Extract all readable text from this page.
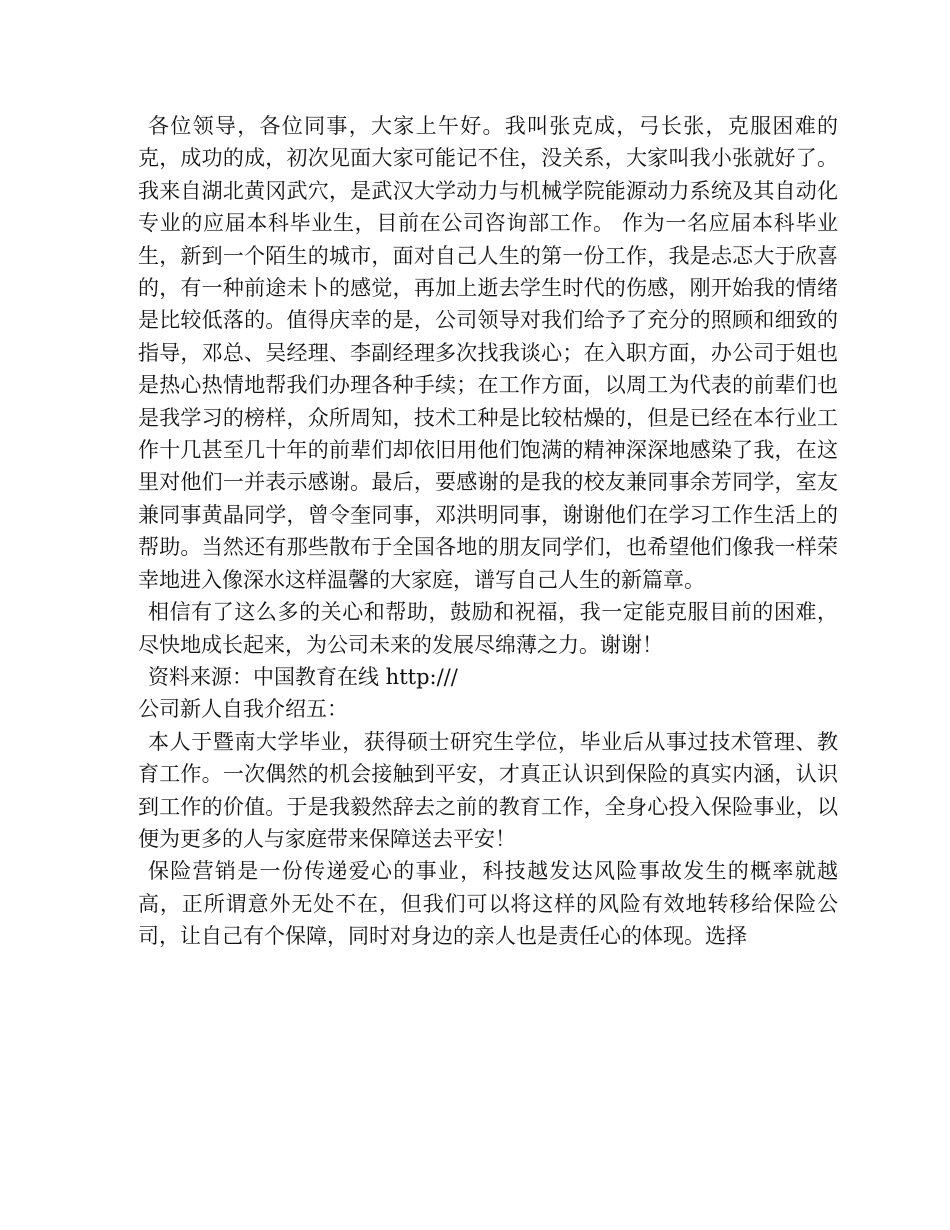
各位领导，各位同事，大家上午好。我叫张克成，弓长张，克服困难的克，成功的成，初次见面大家可能记不住，没关系，大家叫我小张就好了。我来自湖北黄冈武穴，是武汉大学动力与机械学院能源动力系统及其自动化专业的应届本科毕业生，目前在公司咨询部工作。 作为一名应届本科毕业生，新到一个陌生的城市，面对自己人生的第一份工作，我是忐忑大于欣喜的，有一种前途未卜的感觉，再加上逝去学生时代的伤感，刚开始我的情绪是比较低落的。值得庆幸的是，公司领导对我们给予了充分的照顾和细致的指导，邓总、吴经理、李副经理多次找我谈心；在入职方面，办公司于姐也是热心热情地帮我们办理各种手续；在工作方面，以周工为代表的前辈们也是我学习的榜样，众所周知，技术工种是比较枯燥的，但是已经在本行业工作十几甚至几十年的前辈们却依旧用他们饱满的精神深深地感染了我，在这里对他们一并表示感谢。最后，要感谢的是我的校友兼同事余芳同学，室友兼同事黄晶同学，曾令奎同事，邓洪明同事，谢谢他们在学习工作生活上的帮助。当然还有那些散布于全国各地的朋友同学们，也希望他们像我一样荣幸地进入像深水这样温馨的大家庭，谱写自己人生的新篇章。

相信有了这么多的关心和帮助，鼓励和祝福，我一定能克服目前的困难，尽快地成长起来，为公司未来的发展尽绵薄之力。谢谢！

资料来源：中国教育在线 http:///

公司新人自我介绍五：

本人于暨南大学毕业，获得硕士研究生学位，毕业后从事过技术管理、教育工作。一次偶然的机会接触到平安，才真正认识到保险的真实内涵，认识到工作的价值。于是我毅然辞去之前的教育工作，全身心投入保险事业，以便为更多的人与家庭带来保障送去平安！

保险营销是一份传递爱心的事业，科技越发达风险事故发生的概率就越高，正所谓意外无处不在，但我们可以将这样的风险有效地转移给保险公司，让自己有个保障，同时对身边的亲人也是责任心的体现。选择
